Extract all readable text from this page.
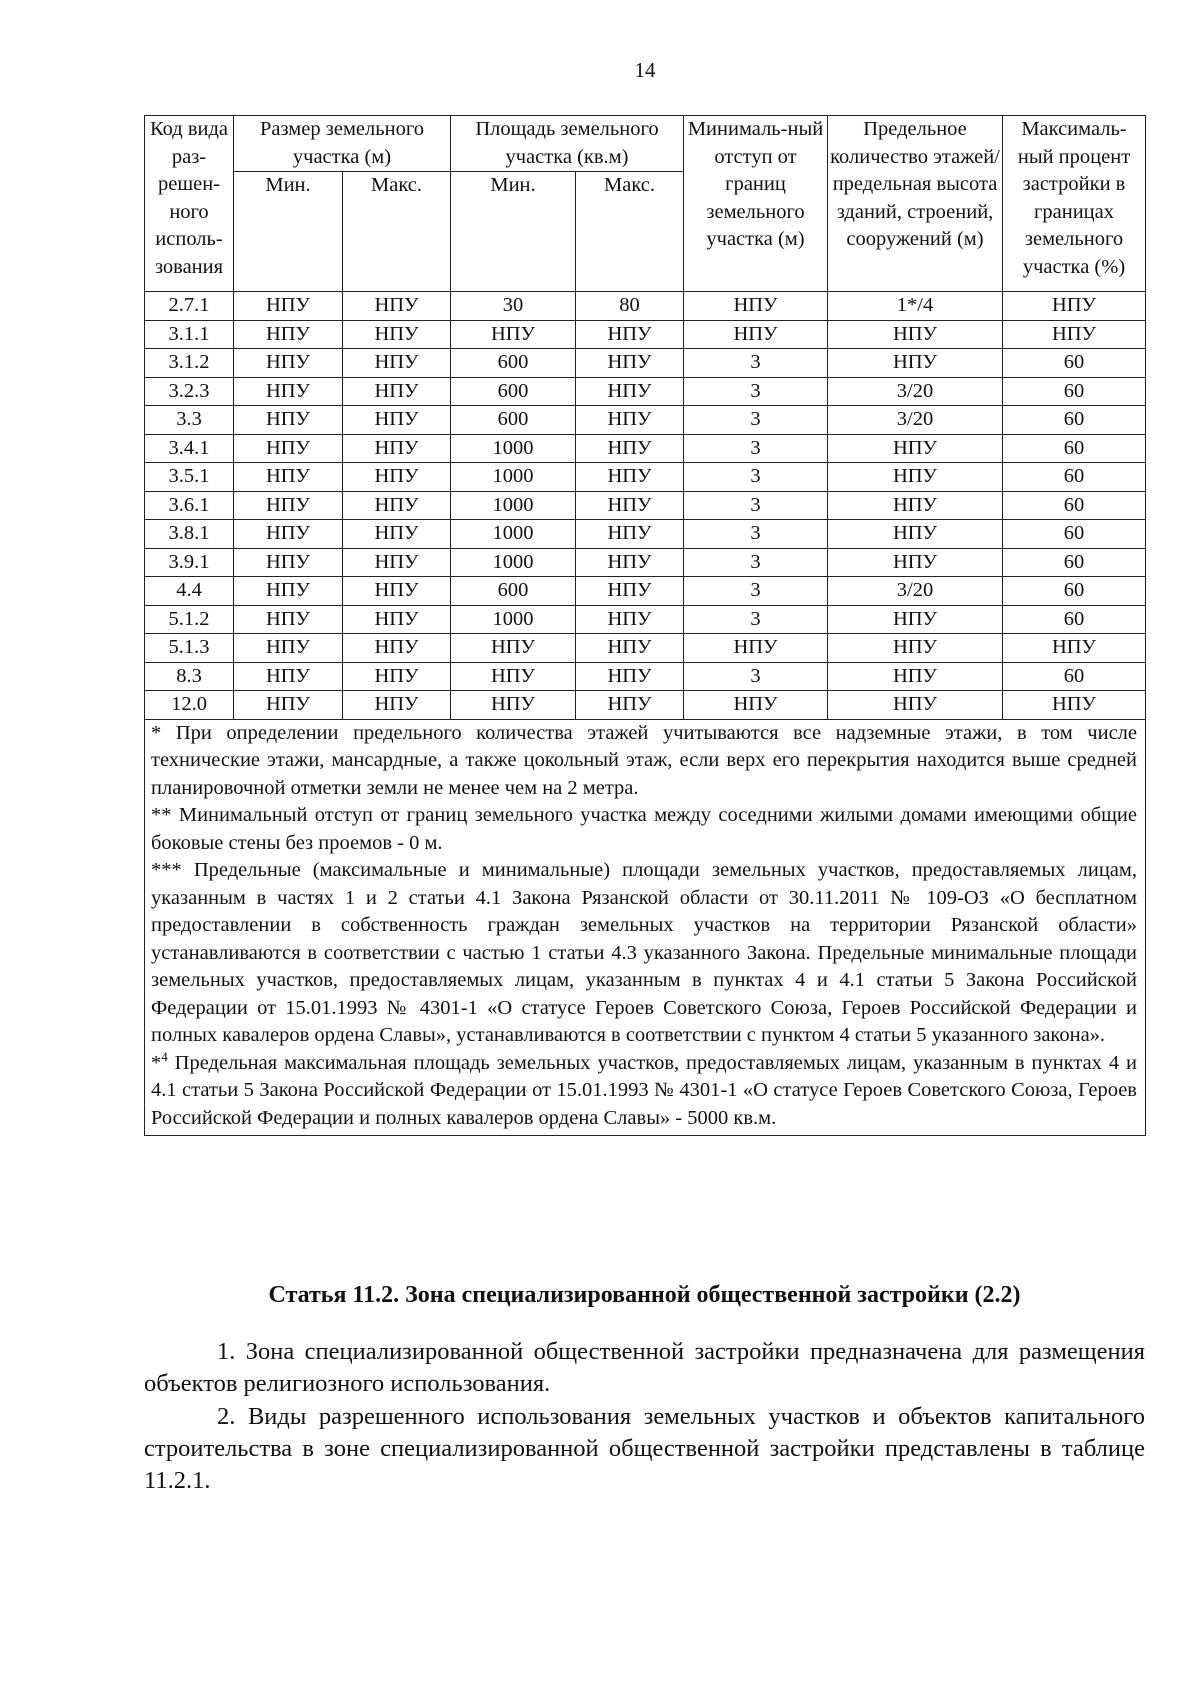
14
Код вида раз-решен-ного исполь-зования	Размер земельного участка (м)		Площадь земельного участка (кв.м)		Минималь-ный отступ от границ земельного участка (м)	Предельное количество этажей/ предельная высота зданий, строений, сооружений (м)	Максималь-ный процент застройки в границах земельного участка (%)
	Мин.	Макс.	Мин.	Макс.			
2.7.1	НПУ	НПУ	30	80	НПУ	1*/4	НПУ
3.1.1	НПУ	НПУ	НПУ	НПУ	НПУ	НПУ	НПУ
3.1.2	НПУ	НПУ	600	НПУ	3	НПУ	60
3.2.3	НПУ	НПУ	600	НПУ	3	3/20	60
3.3	НПУ	НПУ	600	НПУ	3	3/20	60
3.4.1	НПУ	НПУ	1000	НПУ	3	НПУ	60
3.5.1	НПУ	НПУ	1000	НПУ	3	НПУ	60
3.6.1	НПУ	НПУ	1000	НПУ	3	НПУ	60
3.8.1	НПУ	НПУ	1000	НПУ	3	НПУ	60
3.9.1	НПУ	НПУ	1000	НПУ	3	НПУ	60
4.4	НПУ	НПУ	600	НПУ	3	3/20	60
5.1.2	НПУ	НПУ	1000	НПУ	3	НПУ	60
5.1.3	НПУ	НПУ	НПУ	НПУ	НПУ	НПУ	НПУ
8.3	НПУ	НПУ	НПУ	НПУ	3	НПУ	60
12.0	НПУ	НПУ	НПУ	НПУ	НПУ	НПУ	НПУ

* При определении предельного количества этажей учитываются все надземные этажи, в том числе технические этажи, мансардные, а также цокольный этаж, если верх его перекрытия находится выше средней планировочной отметки земли не менее чем на 2 метра.

** Минимальный отступ от границ земельного участка между соседними жилыми домами имеющими общие боковые стены без проемов - 0 м.

*** Предельные (максимальные и минимальные) площади земельных участков, предоставляемых лицам, указанным в частях 1 и 2 статьи 4.1 Закона Рязанской области от 30.11.2011 № 109-ОЗ «О бесплатном предоставлении в собственность граждан земельных участков на территории Рязанской области» устанавливаются в соответствии с частью 1 статьи 4.3 указанного Закона. Предельные минимальные площади земельных участков, предоставляемых лицам, указанным в пунктах 4 и 4.1 статьи 5 Закона Российской Федерации от 15.01.1993 № 4301-1 «О статусе Героев Советского Союза, Героев Российской Федерации и полных кавалеров ордена Славы», устанавливаются в соответствии с пунктом 4 статьи 5 указанного закона».

*$^4$ Предельная максимальная площадь земельных участков, предоставляемых лицам, указанным в пунктах 4 и 4.1 статьи 5 Закона Российской Федерации от 15.01.1993 № 4301-1 «О статусе Героев Советского Союза, Героев Российской Федерации и полных кавалеров ордена Славы» - 5000 кв.м.							

Статья 11.2. Зона специализированной общественной застройки (2.2)

1. Зона специализированной общественной застройки предназначена для размещения объектов религиозного использования.

2. Виды разрешенного использования земельных участков и объектов капитального строительства в зоне специализированной общественной застройки представлены в таблице 11.2.1.
